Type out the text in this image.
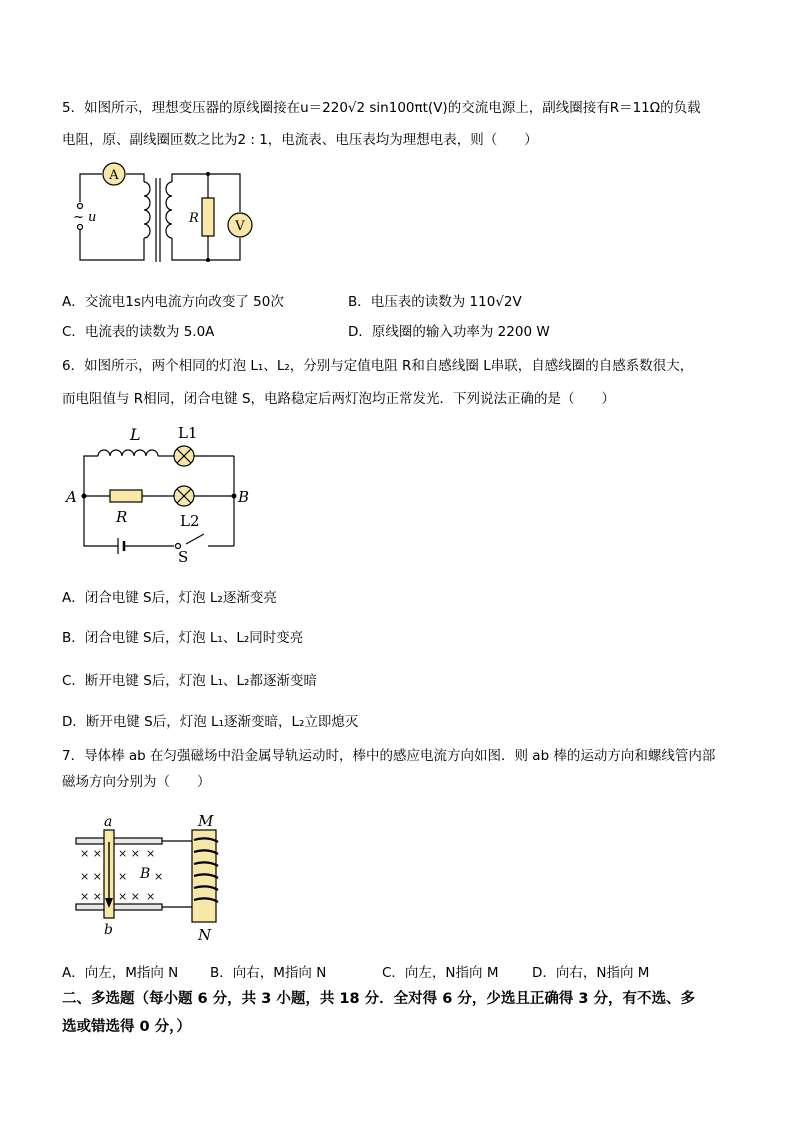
5．如图所示，理想变压器的原线圈接在u＝220√2 sin100πt(V)的交流电源上，副线圈接有R＝11Ω的负载
电阻，原、副线圈匝数之比为2 : 1，电流表、电压表均为理想电表，则（　　）
A
V
~ u	R
A．交流电1s内电流方向改变了 50次	B．电压表的读数为 110√2V
C．电流表的读数为 5.0A	D．原线圈的输入功率为 2200 W
6．如图所示，两个相同的灯泡 L₁、L₂，分别与定值电阻 R和自感线圈 L串联，自感线圈的自感系数很大，
而电阻值与 R相同，闭合电键 S，电路稳定后两灯泡均正常发光．下列说法正确的是（　　）
L L1
A	B
R	L2
S
A．闭合电键 S后，灯泡 L₂逐渐变亮
B．闭合电键 S后，灯泡 L₁、L₂同时变亮
C．断开电键 S后，灯泡 L₁、L₂都逐渐变暗
D．断开电键 S后，灯泡 L₁逐渐变暗，L₂立即熄灭
7．导体棒 ab 在匀强磁场中沿金属导轨运动时，棒中的感应电流方向如图．则 ab 棒的运动方向和螺线管内部
磁场方向分别为（　　）
× × × × ×
× × × ×
× × × × ×
a
b
B
M
N
A．向左，M指向 N B．向右，M指向 N	C．向左，N指向 M D．向右，N指向 M
二、多选题（每小题 6 分，共 3 小题，共 18 分．全对得 6 分，少选且正确得 3 分，有不选、多
选或错选得 0 分，）
